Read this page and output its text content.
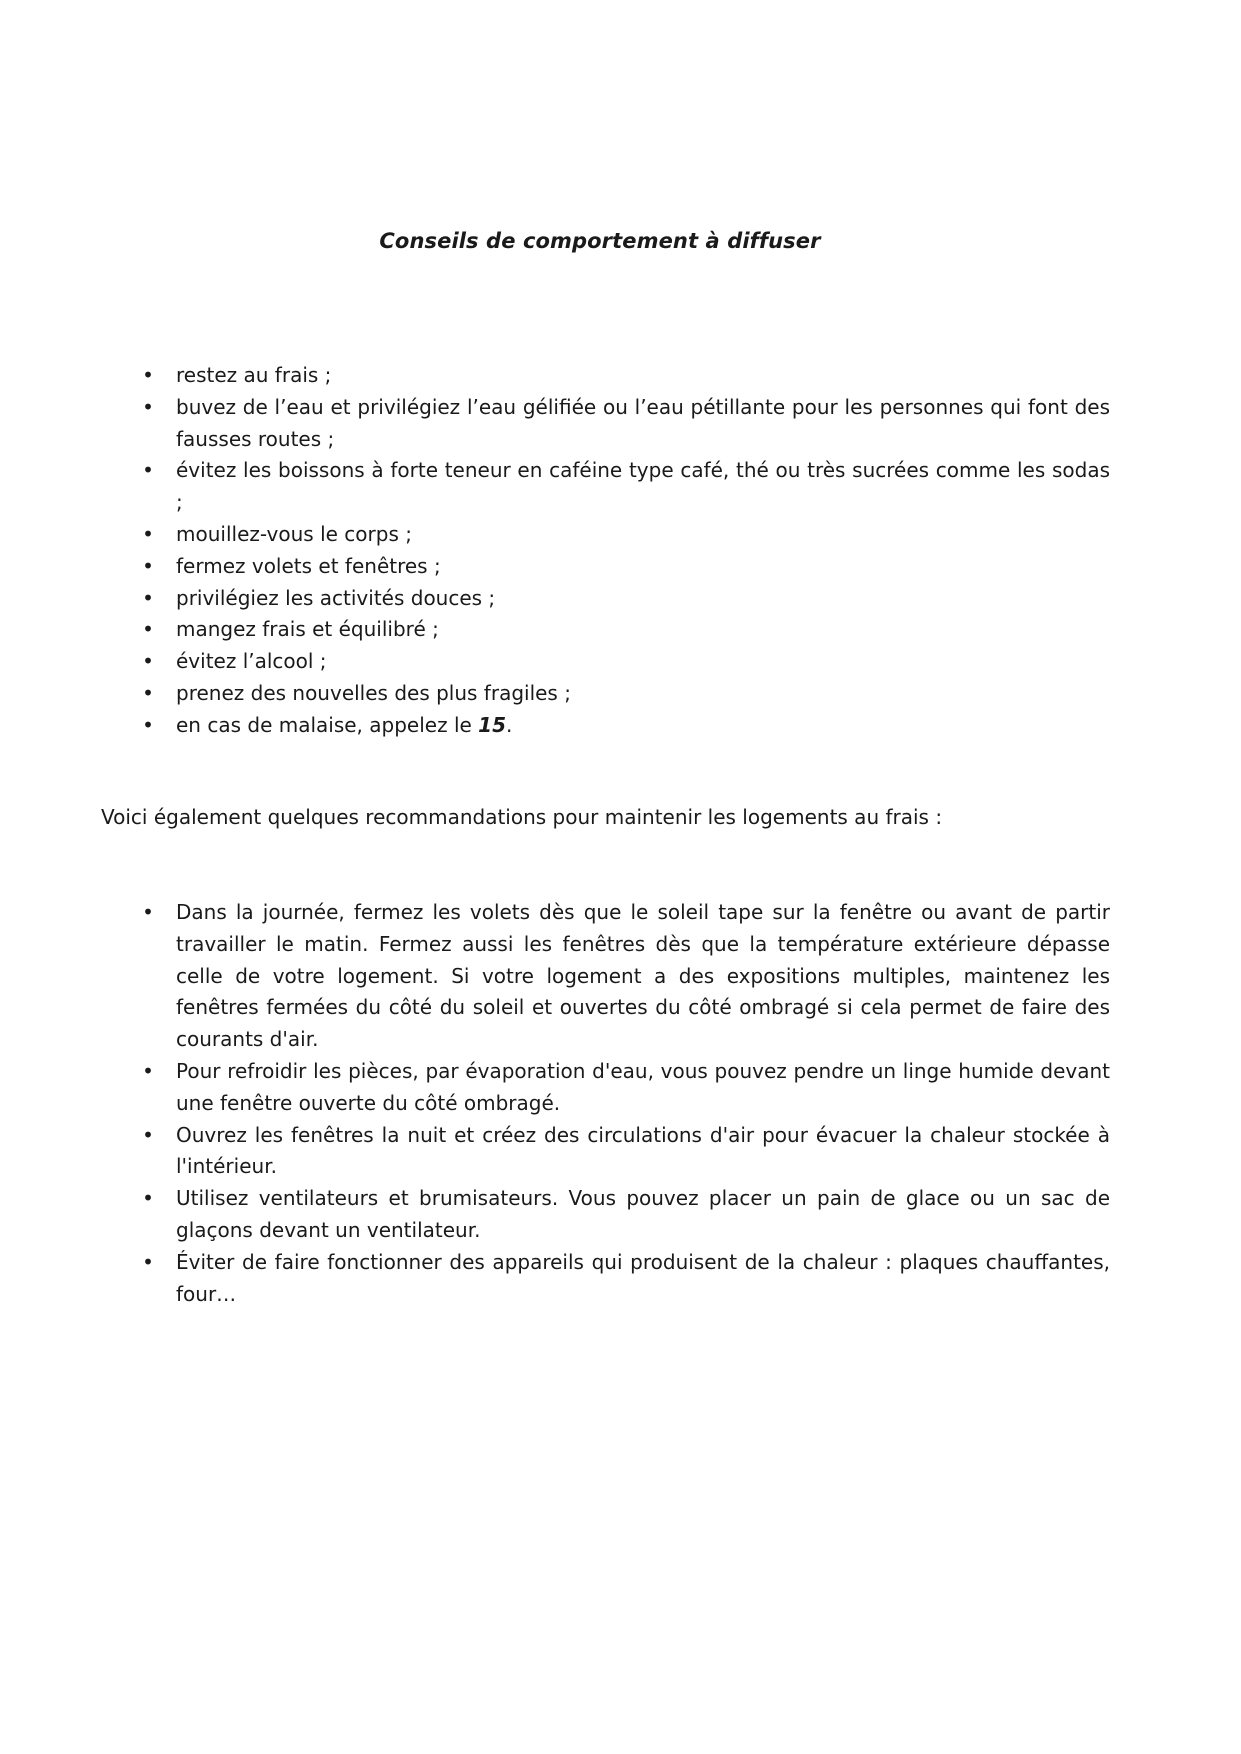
Conseils de comportement à diffuser
• restez au frais ;
• buvez de l’eau et privilégiez l’eau gélifiée ou l’eau pétillante pour les personnes qui font des fausses routes ;
• évitez les boissons à forte teneur en caféine type café, thé ou très sucrées comme les sodas ;
• mouillez-vous le corps ;
• fermez volets et fenêtres ;
• privilégiez les activités douces ;
• mangez frais et équilibré ;
• évitez l’alcool ;
• prenez des nouvelles des plus fragiles ;
• en cas de malaise, appelez le 15.

Voici également quelques recommandations pour maintenir les logements au frais :

• Dans la journée, fermez les volets dès que le soleil tape sur la fenêtre ou avant de partir travailler le matin. Fermez aussi les fenêtres dès que la température extérieure dépasse celle de votre logement. Si votre logement a des expositions multiples, maintenez les fenêtres fermées du côté du soleil et ouvertes du côté ombragé si cela permet de faire des courants d'air.
• Pour refroidir les pièces, par évaporation d'eau, vous pouvez pendre un linge humide devant une fenêtre ouverte du côté ombragé.
• Ouvrez les fenêtres la nuit et créez des circulations d'air pour évacuer la chaleur stockée à l'intérieur.
• Utilisez ventilateurs et brumisateurs. Vous pouvez placer un pain de glace ou un sac de glaçons devant un ventilateur.
• Éviter de faire fonctionner des appareils qui produisent de la chaleur : plaques chauffantes, four…
